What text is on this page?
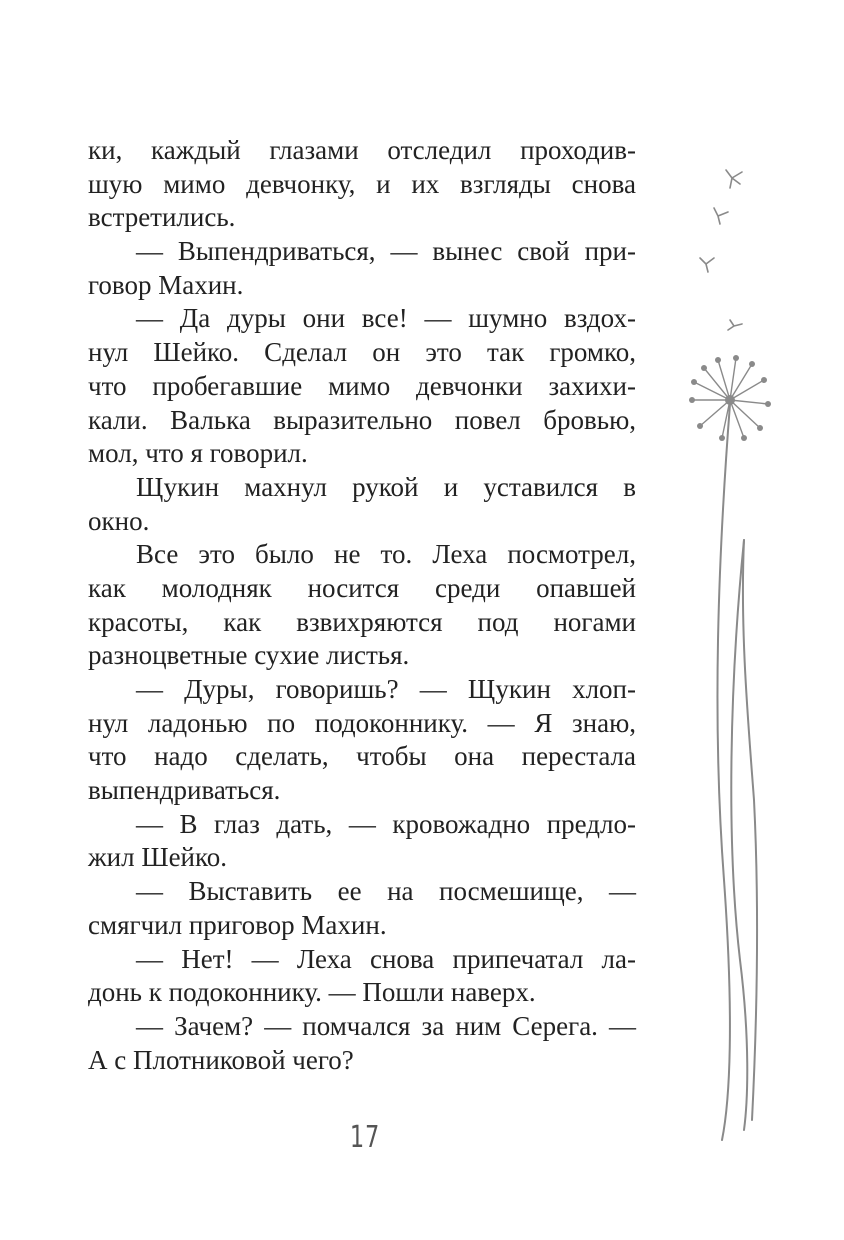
ки, каждый глазами отследил проходив-
шую мимо девчонку, и их взгляды снова
встретились.
— Выпендриваться, — вынес свой при-
говор Махин.
— Да дуры они все! — шумно вздох-
нул Шейко. Сделал он это так громко,
что пробегавшие мимо девчонки захихи-
кали. Валька выразительно повел бровью,
мол, что я говорил.
Щукин махнул рукой и уставился в
окно.
Все это было не то. Леха посмотрел,
как молодняк носится среди опавшей
красоты, как взвихряются под ногами
разноцветные сухие листья.
— Дуры, говоришь? — Щукин хлоп-
нул ладонью по подоконнику. — Я знаю,
что надо сделать, чтобы она перестала
выпендриваться.
— В глаз дать, — кровожадно предло-
жил Шейко.
— Выставить ее на посмешище, —
смягчил приговор Махин.
— Нет! — Леха снова припечатал ла-
донь к подоконнику. — Пошли наверх.
— Зачем? — помчался за ним Серега. —
А с Плотниковой чего?
17
